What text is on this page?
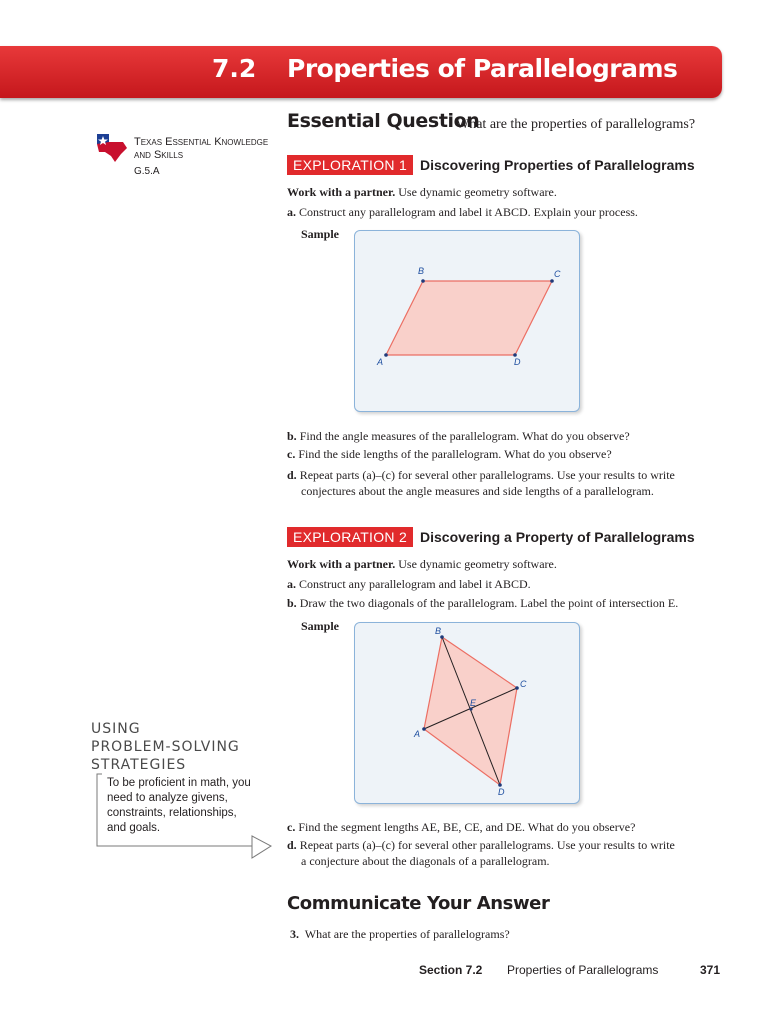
7.2 Properties of Parallelograms
Essential Question
What are the properties of parallelograms?
Texas Essential Knowledge and Skills
G.5.A	EXPLORATION 1 Discovering Properties of Parallelograms
Work with a partner. Use dynamic geometry software.
a. Construct any parallelogram and label it ABCD. Explain your process.
Sample
B	C
D
A
b. Find the angle measures of the parallelogram. What do you observe?
c. Find the side lengths of the parallelogram. What do you observe?
d. Repeat parts (a)–(c) for several other parallelograms. Use your results to write
conjectures about the angle measures and side lengths of a parallelogram.
EXPLORATION 2 Discovering a Property of Parallelograms
Work with a partner. Use dynamic geometry software.
a. Construct any parallelogram and label it ABCD.
b. Draw the two diagonals of the parallelogram. Label the point of intersection E.
Sample	B
C
D
A
E
c. Find the segment lengths AE, BE, CE, and DE. What do you observe?
d. Repeat parts (a)–(c) for several other parallelograms. Use your results to write
a conjecture about the diagonals of a parallelogram.
USING
PROBLEM-SOLVING
STRATEGIES
To be proficient in math, you need to analyze givens, constraints, relationships, and goals.
Communicate Your Answer
3. What are the properties of parallelograms?
Section 7.2 Properties of Parallelograms	371
